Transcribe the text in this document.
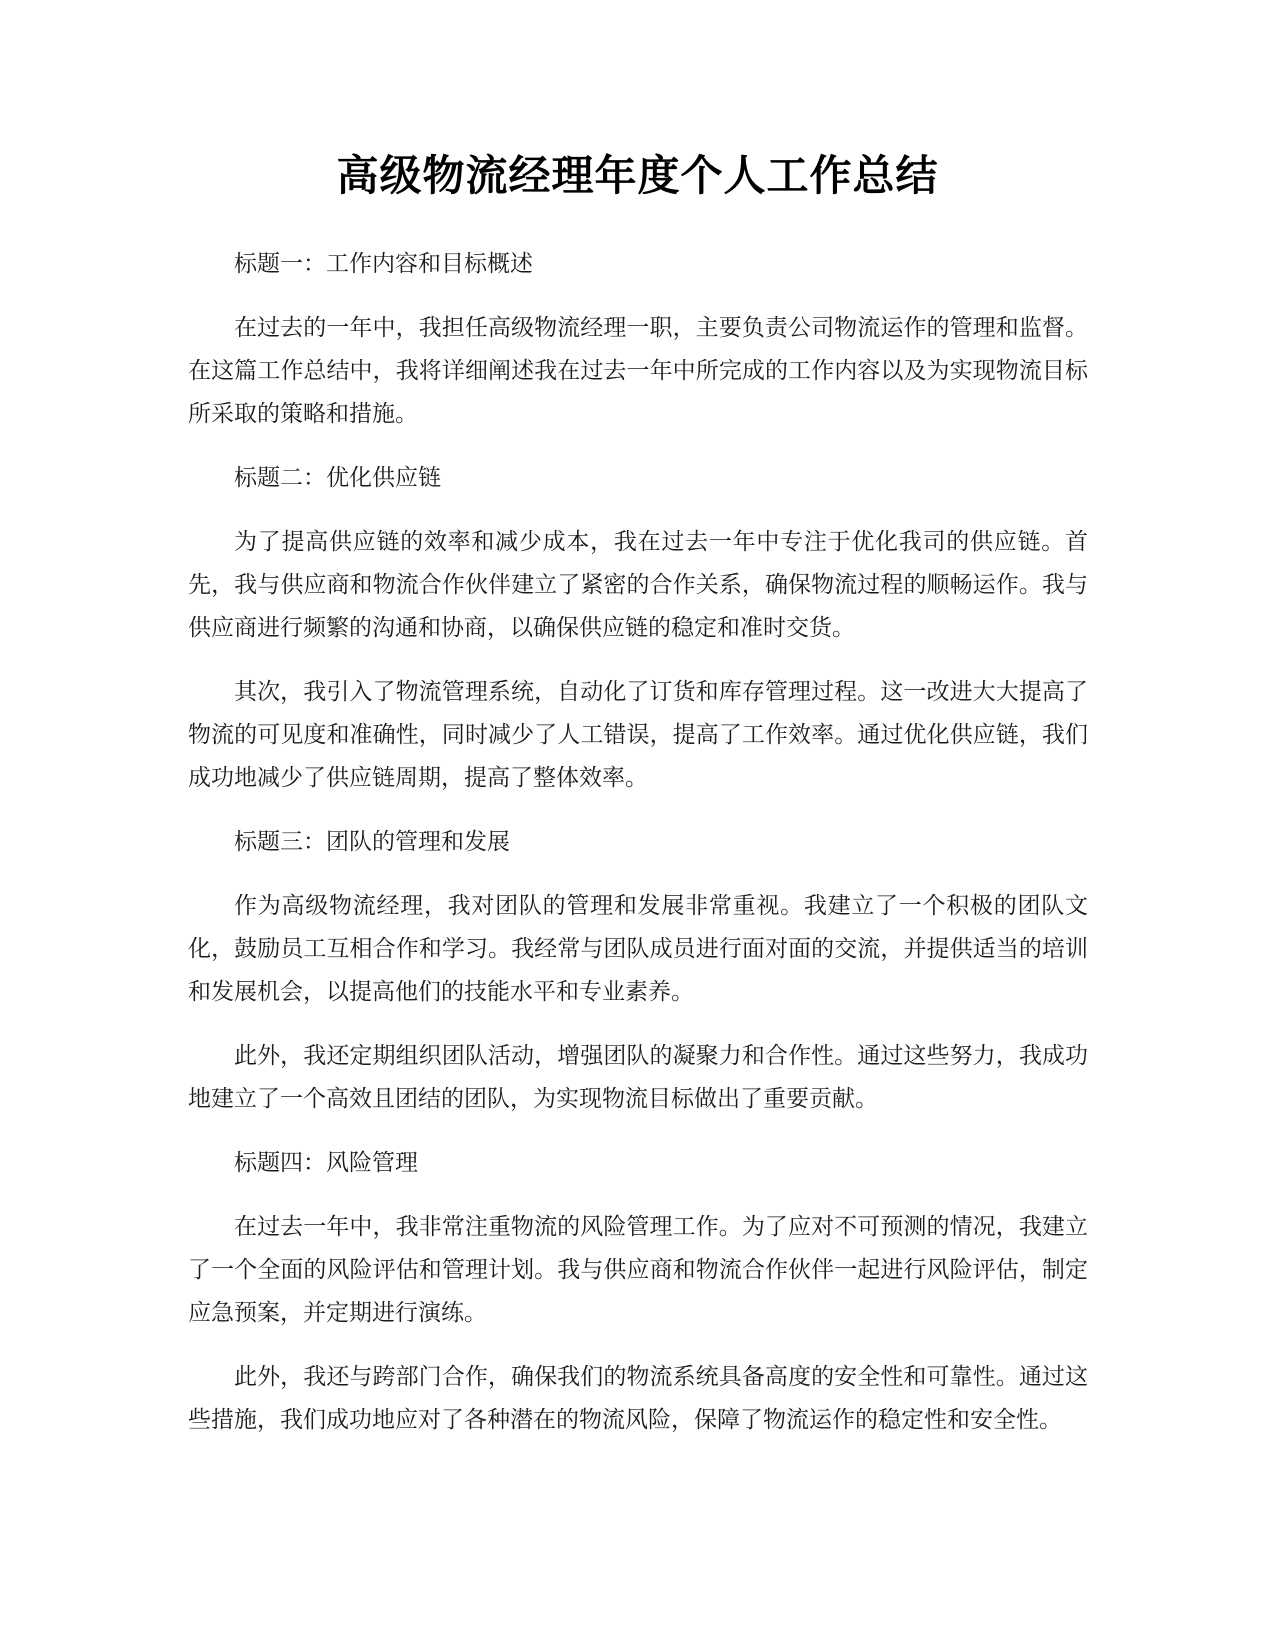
高级物流经理年度个人工作总结

标题一：工作内容和目标概述

在过去的一年中，我担任高级物流经理一职，主要负责公司物流运作的管理和监督。在这篇工作总结中，我将详细阐述我在过去一年中所完成的工作内容以及为实现物流目标所采取的策略和措施。

标题二：优化供应链

为了提高供应链的效率和减少成本，我在过去一年中专注于优化我司的供应链。首先，我与供应商和物流合作伙伴建立了紧密的合作关系，确保物流过程的顺畅运作。我与供应商进行频繁的沟通和协商，以确保供应链的稳定和准时交货。

其次，我引入了物流管理系统，自动化了订货和库存管理过程。这一改进大大提高了物流的可见度和准确性，同时减少了人工错误，提高了工作效率。通过优化供应链，我们成功地减少了供应链周期，提高了整体效率。

标题三：团队的管理和发展

作为高级物流经理，我对团队的管理和发展非常重视。我建立了一个积极的团队文化，鼓励员工互相合作和学习。我经常与团队成员进行面对面的交流，并提供适当的培训和发展机会，以提高他们的技能水平和专业素养。

此外，我还定期组织团队活动，增强团队的凝聚力和合作性。通过这些努力，我成功地建立了一个高效且团结的团队，为实现物流目标做出了重要贡献。

标题四：风险管理

在过去一年中，我非常注重物流的风险管理工作。为了应对不可预测的情况，我建立了一个全面的风险评估和管理计划。我与供应商和物流合作伙伴一起进行风险评估，制定应急预案，并定期进行演练。

此外，我还与跨部门合作，确保我们的物流系统具备高度的安全性和可靠性。通过这些措施，我们成功地应对了各种潜在的物流风险，保障了物流运作的稳定性和安全性。
